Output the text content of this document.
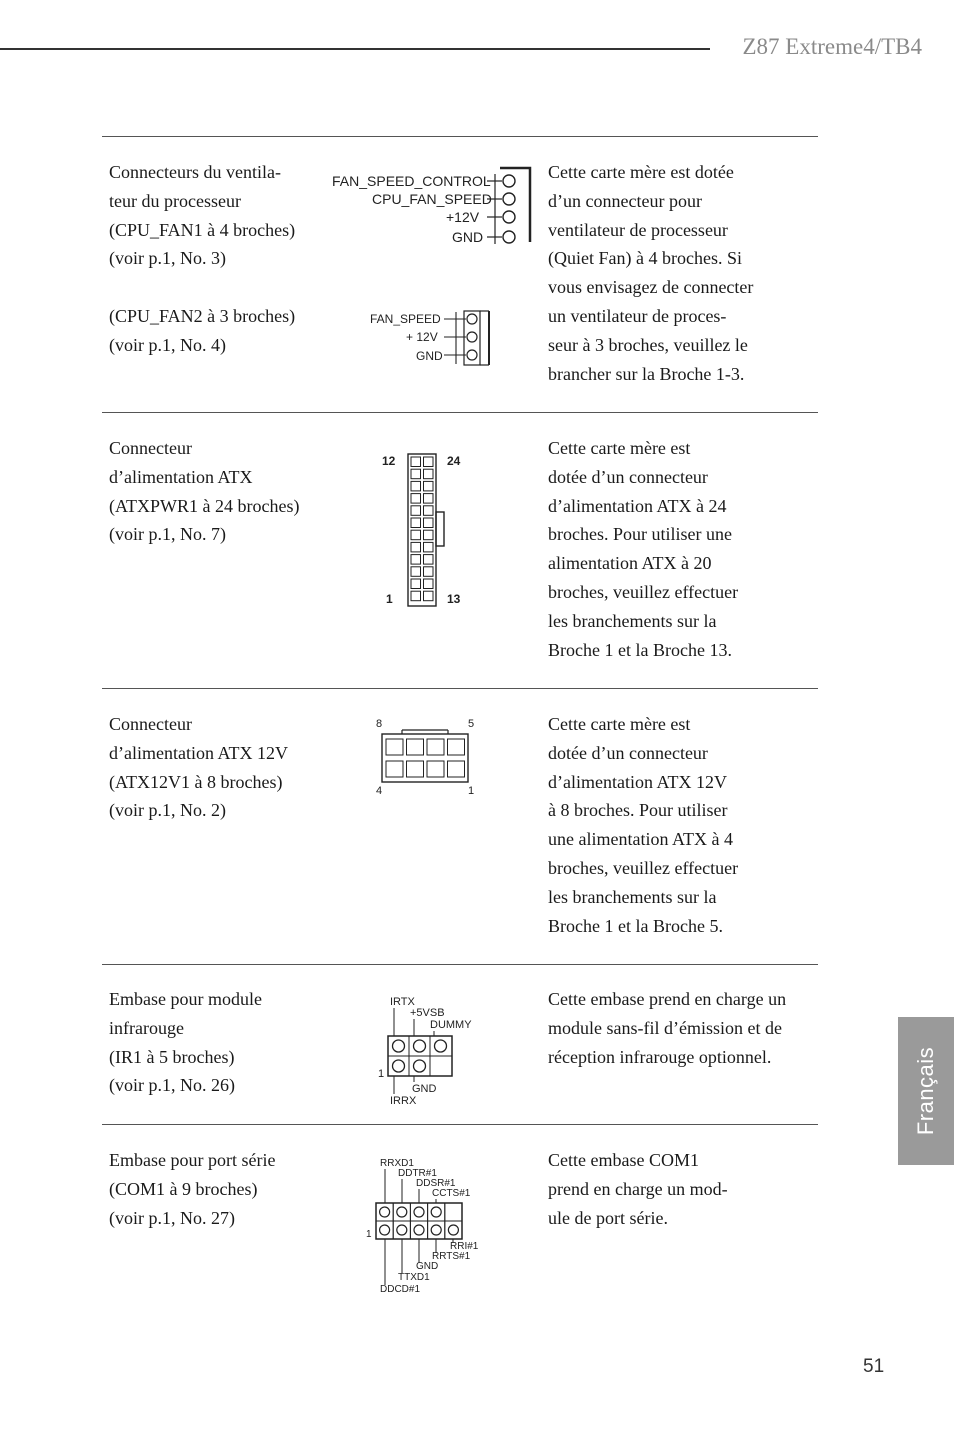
Z87 Extreme4/TB4
Connecteurs du ventila-
teur du processeur
(CPU_FAN1 à 4 broches)
(voir p.1, No. 3)
(CPU_FAN2 à 3 broches)
(voir p.1, No. 4)
Cette carte mère est dotée
d’un connecteur pour
ventilateur de processeur
(Quiet Fan) à 4 broches. Si
vous envisagez de connecter
un ventilateur de proces-
seur à 3 broches, veuillez le
brancher sur la Broche 1-3.
FAN_SPEED_CONTROL
CPU_FAN_SPEED
+12V
GND
FAN_SPEED
+ 12V
GND
Connecteur
d’alimentation ATX
(ATXPWR1 à 24 broches)
(voir p.1, No. 7)
Cette carte mère est
dotée d’un connecteur
d’alimentation ATX à 24
broches. Pour utiliser une
alimentation ATX à 20
broches, veuillez effectuer
les branchements sur la
Broche 1 et la Broche 13.
12	24
1	13
Connecteur
d’alimentation ATX 12V
(ATX12V1 à 8 broches)
(voir p.1, No. 2)
Cette carte mère est
dotée d’un connecteur
d’alimentation ATX 12V
à 8 broches. Pour utiliser
une alimentation ATX à 4
broches, veuillez effectuer
les branchements sur la
Broche 1 et la Broche 5.
8	5
4	1
Embase pour module
infrarouge
(IR1 à 5 broches)
(voir p.1, No. 26)
Cette embase prend en charge un
module sans-fil d’émission et de
réception infrarouge optionnel.
IRTX
+5VSB
DUMMY
1
GND
IRRX
Embase pour port série
(COM1 à 9 broches)
(voir p.1, No. 27)
Cette embase COM1
prend en charge un mod-
ule de port série.
RRXD1
DDTR#1
DDSR#1
CCTS#1
1
RRI#1
RRTS#1
GND
TTXD1
DDCD#1
Français
51
